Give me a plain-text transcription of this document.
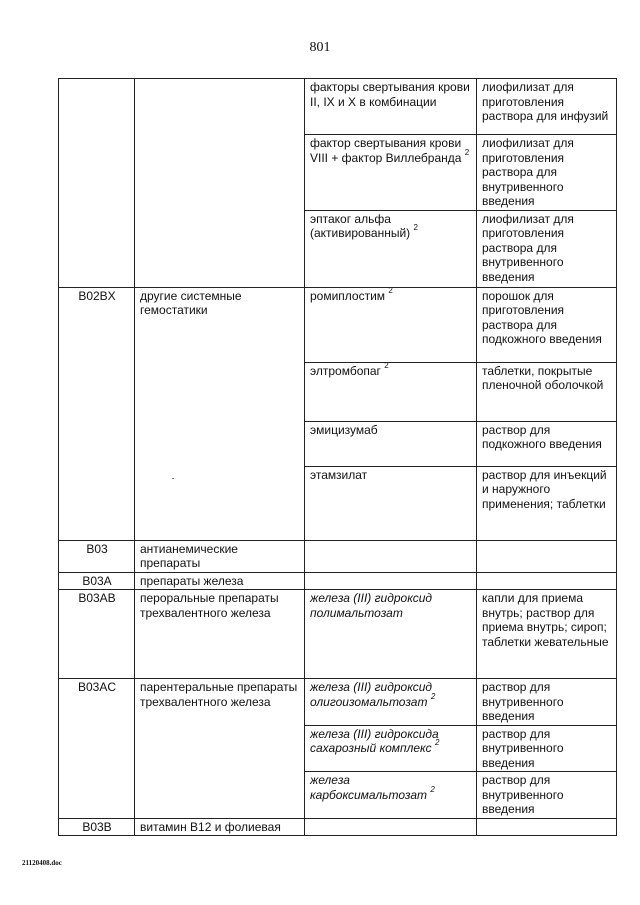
801
		факторы свертывания крови II, IX и X в комбинации	лиофилизат для приготовления раствора для инфузий
		фактор свертывания крови VIII + фактор Виллебранда $^2$	лиофилизат для приготовления раствора для внутривенного введения
		эптаког альфа (активированный) $^2$	лиофилизат для приготовления раствора для внутривенного введения
B02BX	другие системные гемостатики	ромиплостим $^2$	порошок для приготовления раствора для подкожного введения
		элтромбопаг $^2$	таблетки, покрытые пленочной оболочкой
		эмицизумаб	раствор для подкожного введения
		этамзилат	раствор для инъекций и наружного применения; таблетки
B03	антианемические препараты		
B03A	препараты железа		
B03AB	пероральные препараты трехвалентного железа	железа (III) гидроксид полимальтозат	капли для приема внутрь; раствор для приема внутрь; сироп; таблетки жевательные
B03AC	парентеральные препараты трехвалентного железа	железа (III) гидроксид олигоизомальтозат $^2$	раствор для внутривенного введения
		железа (III) гидроксида сахарозный комплекс $^2$	раствор для внутривенного введения
		железа карбоксимальтозат $^2$	раствор для внутривенного введения
B03B	витамин B12 и фолиевая		
21120408.doc
